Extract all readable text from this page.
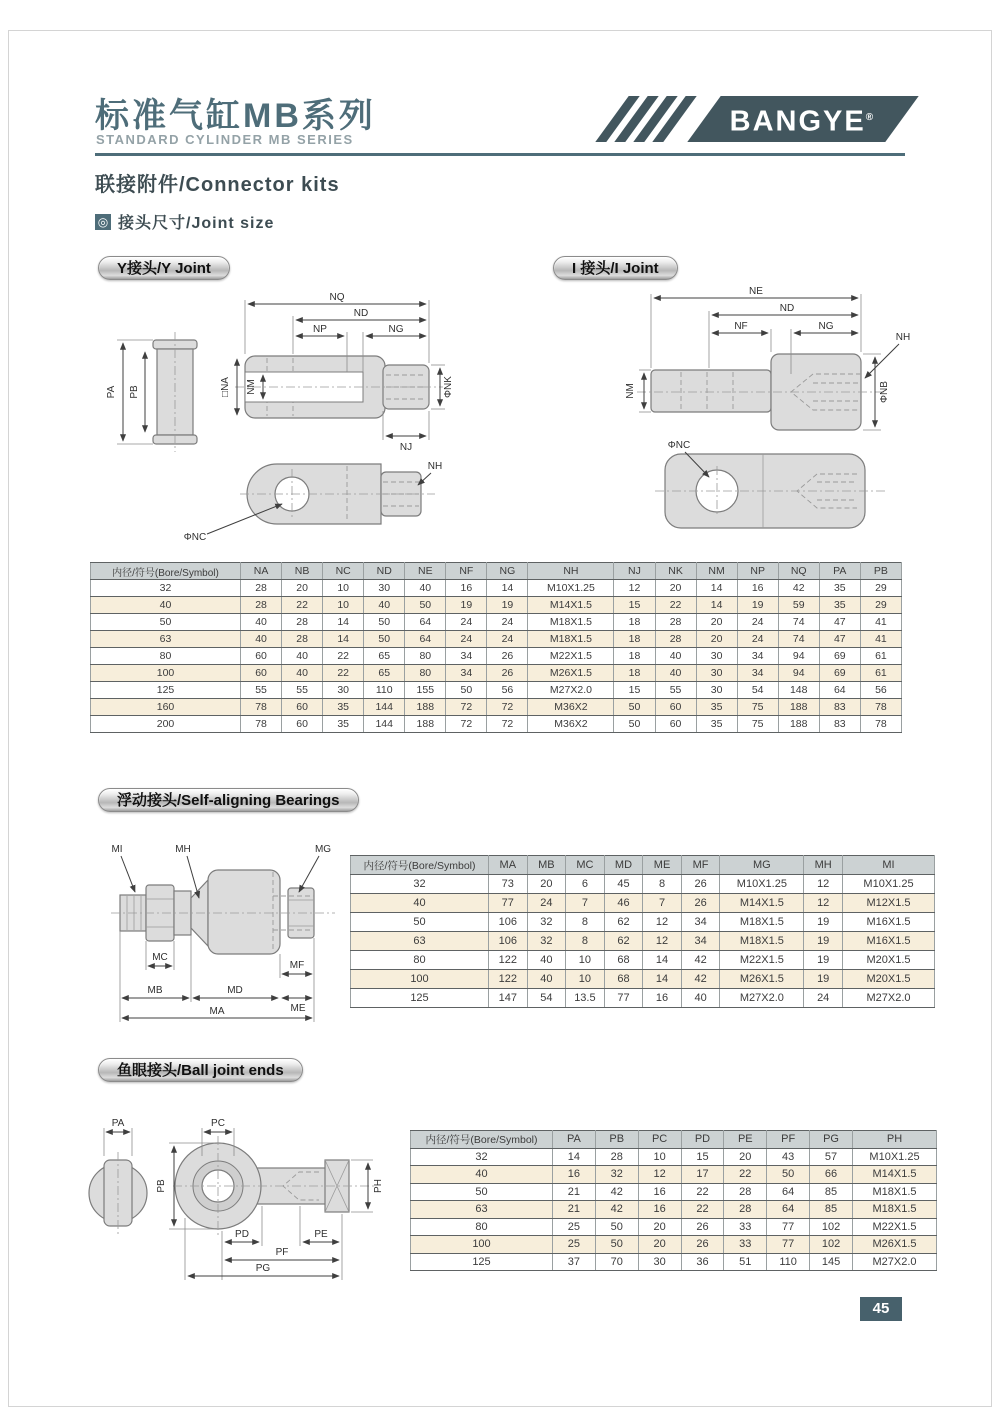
标准气缸MB系列
STANDARD CYLINDER MB SERIES
BANGYE®
联接附件/Connector kits
◎ 接头尺寸/Joint size
Y接头/Y Joint	I 接头/I Joint
浮动接头/Self-aligning Bearings
鱼眼接头/Ball joint ends
PA PB	NM
NQ
ND
NP	NG
□NA	ΦNK
NJ
ΦNC
NH
NE
ND
NF	NG
NM	ΦNB
NH
ΦNC
内径/符号(Bore/Symbol)	NA	NB	NC	ND	NE	NF	NG	NH	NJ	NK	NM	NP	NQ	PA	PB
32	28	20	10	30	40	16	14	M10X1.25	12	20	14	16	42	35	29
40	28	22	10	40	50	19	19	M14X1.5	15	22	14	19	59	35	29
50	40	28	14	50	64	24	24	M18X1.5	18	28	20	24	74	47	41
63	40	28	14	50	64	24	24	M18X1.5	18	28	20	24	74	47	41
80	60	40	22	65	80	34	26	M22X1.5	18	40	30	34	94	69	61
100	60	40	22	65	80	34	26	M26X1.5	18	40	30	34	94	69	61
125	55	55	30	110	155	50	56	M27X2.0	15	55	30	54	148	64	56
160	78	60	35	144	188	72	72	M36X2	50	60	35	75	188	83	78
200	78	60	35	144	188	72	72	M36X2	50	60	35	75	188	83	78
MI	MH	MG
MC
MF
MB	MD
ME
MA
内径/符号(Bore/Symbol)	MA	MB	MC	MD	ME	MF	MG	MH	MI
32	73	20	6	45	8	26	M10X1.25	12	M10X1.25
40	77	24	7	46	7	26	M14X1.5	12	M12X1.5
50	106	32	8	62	12	34	M18X1.5	19	M16X1.5
63	106	32	8	62	12	34	M18X1.5	19	M16X1.5
80	122	40	10	68	14	42	M22X1.5	19	M20X1.5
100	122	40	10	68	14	42	M26X1.5	19	M20X1.5
125	147	54	13.5	77	16	40	M27X2.0	24	M27X2.0
PA	PC
PB	PH
PD	PE
PF
PG
内径/符号(Bore/Symbol)	PA	PB	PC	PD	PE	PF	PG	PH
32	14	28	10	15	20	43	57	M10X1.25
40	16	32	12	17	22	50	66	M14X1.5
50	21	42	16	22	28	64	85	M18X1.5
63	21	42	16	22	28	64	85	M18X1.5
80	25	50	20	26	33	77	102	M22X1.5
100	25	50	20	26	33	77	102	M26X1.5
125	37	70	30	36	51	110	145	M27X2.0
45
